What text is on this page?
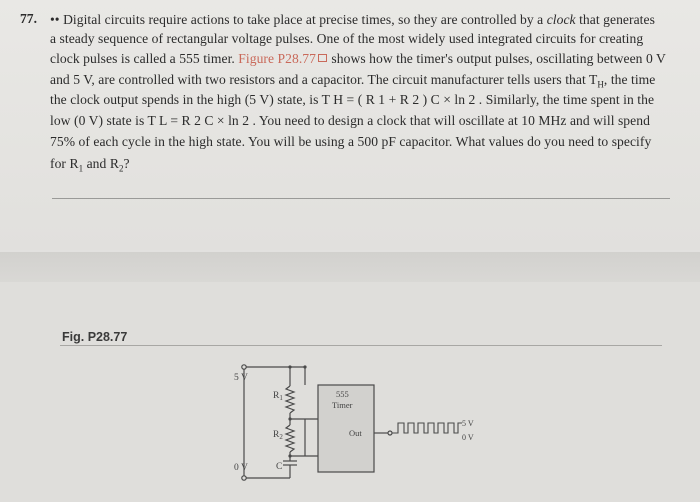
77. •• Digital circuits require actions to take place at precise times, so they are controlled by a clock that generates
a steady sequence of rectangular voltage pulses. One of the most widely used integrated circuits for creating
clock pulses is called a 555 timer. Figure P28.77 shows how the timer's output pulses, oscillating between 0 V
and 5 V, are controlled with two resistors and a capacitor. The circuit manufacturer tells users that $T_H$, the time
the clock output spends in the high (5 V) state, is T H = ( R 1 + R 2 ) C × ln 2 . Similarly, the time spent in the
low (0 V) state is T L = R 2 C × ln 2 . You need to design a clock that will oscillate at 10 MHz and will spend
75% of each cycle in the high state. You will be using a 500 pF capacitor. What values do you need to specify
for $R_1$ and $R_2$?
Fig. P28.77
5 V
0 V
$R_1$
$R_2$
C
555
Timer
Out
5 V
0 V
